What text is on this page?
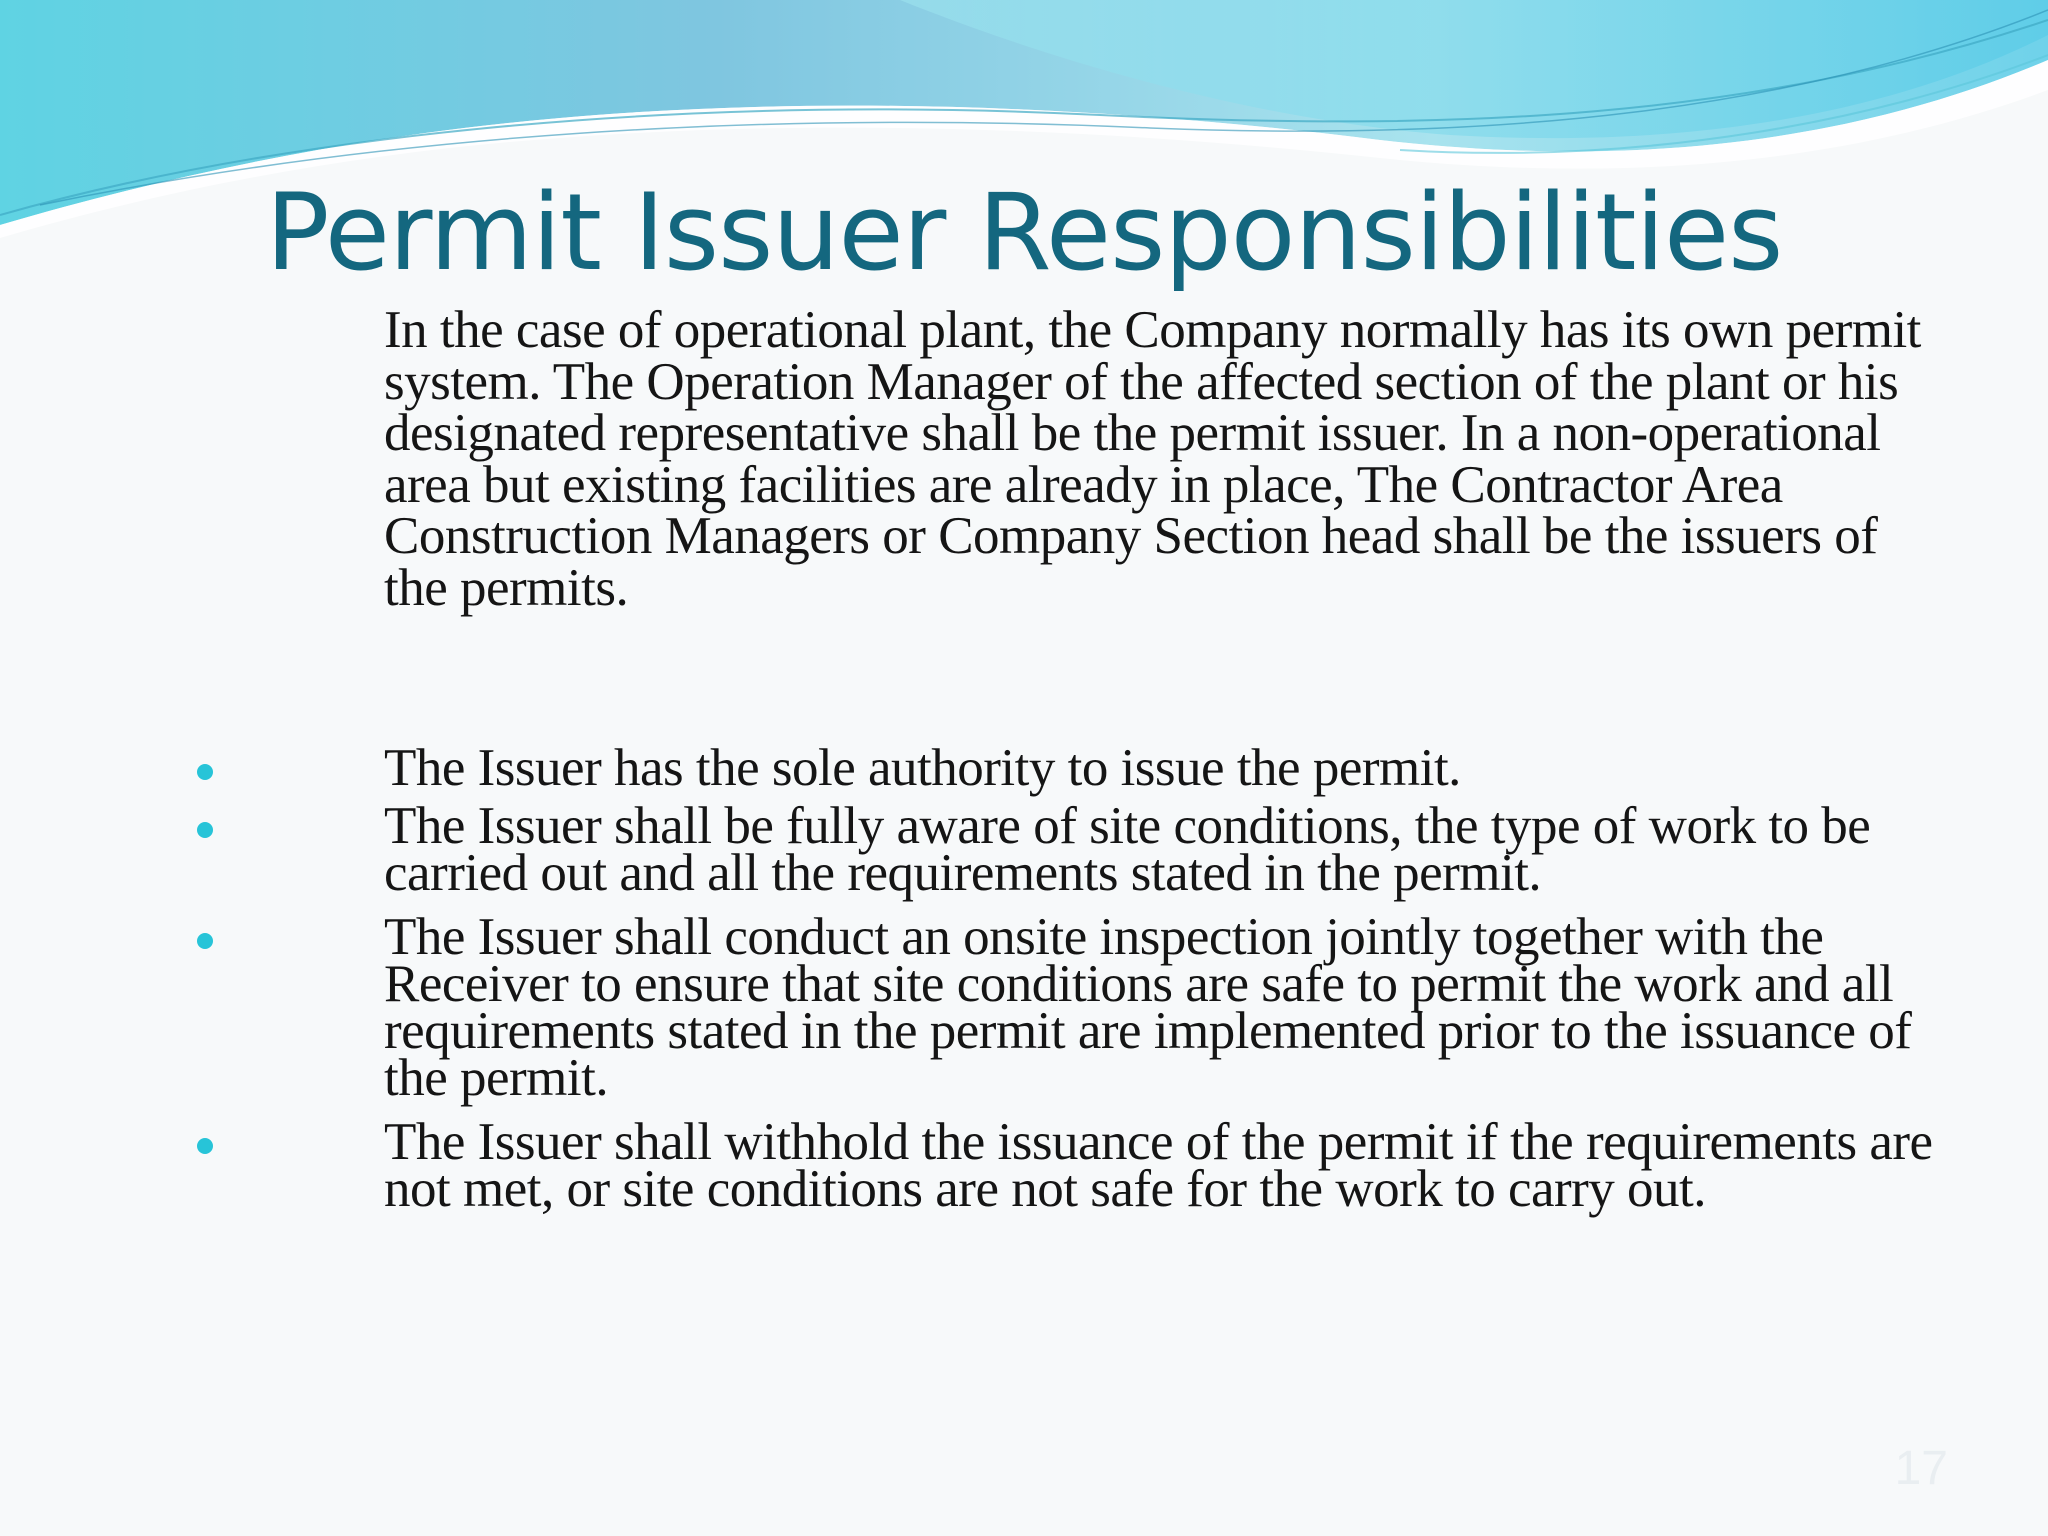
Permit Issuer Responsibilities

In the case of operational plant, the Company normally has its own permit system. The Operation Manager of the affected section of the plant or his designated representative shall be the permit issuer. In a non-operational area but existing facilities are already in place, The Contractor Area Construction Managers or Company Section head shall be the issuers of the permits.

The Issuer has the sole authority to issue the permit.
The Issuer shall be fully aware of site conditions, the type of work to be carried out and all the requirements stated in the permit.
The Issuer shall conduct an onsite inspection jointly together with the Receiver to ensure that site conditions are safe to permit the work and all requirements stated in the permit are implemented prior to the issuance of the permit.
The Issuer shall withhold the issuance of the permit if the requirements are not met, or site conditions are not safe for the work to carry out.
17
